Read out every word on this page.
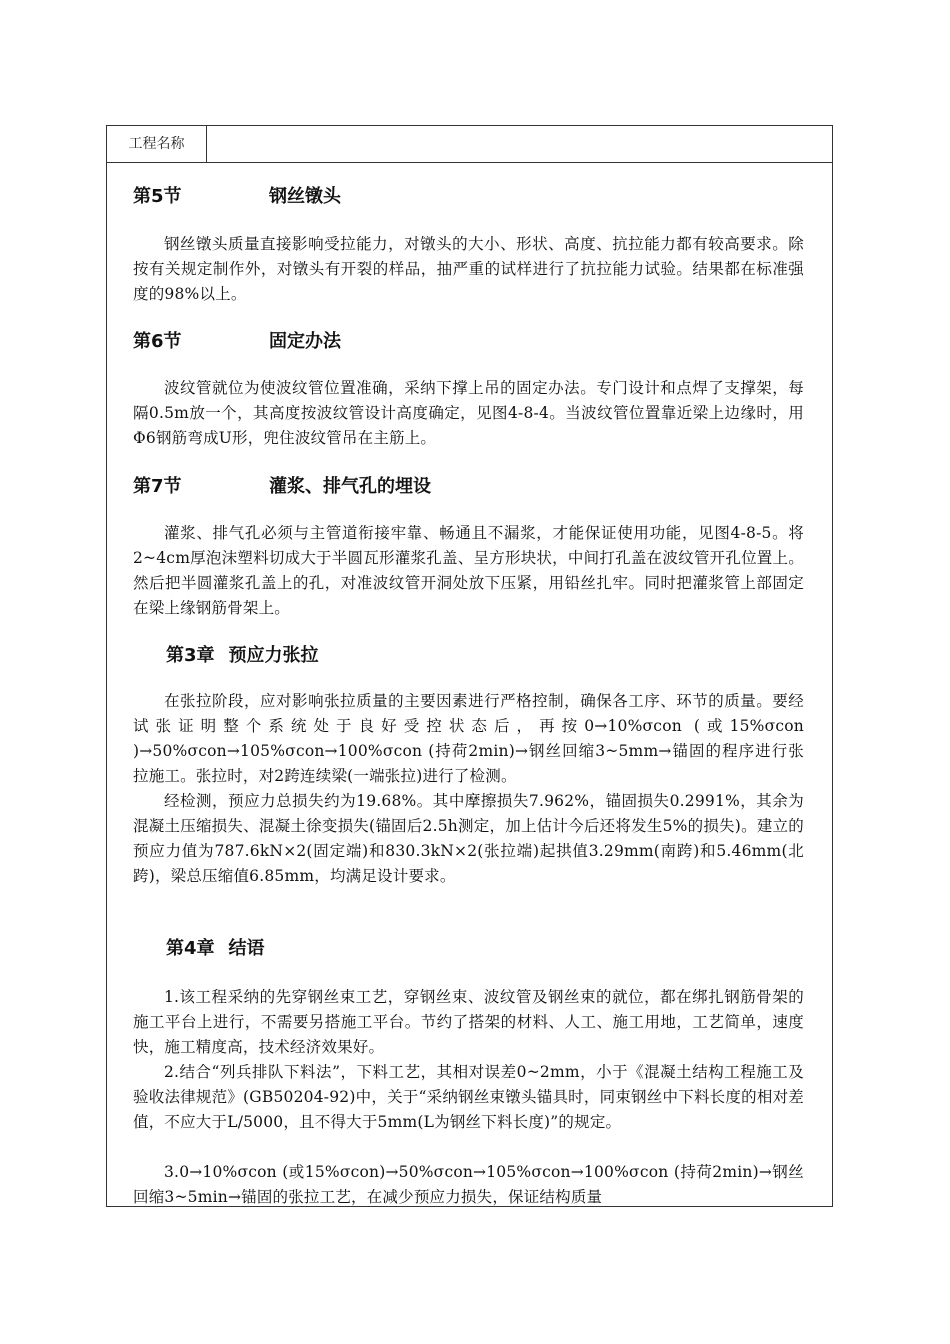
工程名称
第5节	钢丝镦头

钢丝镦头质量直接影响受拉能力，对镦头的大小、形状、高度、抗拉能力都有较高要求。除按有关规定制作外，对镦头有开裂的样品，抽严重的试样进行了抗拉能力试验。结果都在标准强度的98%以上。

第6节	固定办法

波纹管就位为使波纹管位置准确，采纳下撑上吊的固定办法。专门设计和点焊了支撑架，每隔0.5m放一个，其高度按波纹管设计高度确定，见图4-8-4。当波纹管位置靠近梁上边缘时，用Φ6钢筋弯成U形，兜住波纹管吊在主筋上。

第7节	灌浆、排气孔的埋设

灌浆、排气孔必须与主管道衔接牢靠、畅通且不漏浆，才能保证使用功能，见图4-8-5。将2~4cm厚泡沫塑料切成大于半圆瓦形灌浆孔盖、呈方形块状，中间打孔盖在波纹管开孔位置上。然后把半圆灌浆孔盖上的孔，对准波纹管开洞处放下压紧，用铅丝扎牢。同时把灌浆管上部固定在梁上缘钢筋骨架上。

第3章 预应力张拉

在张拉阶段，应对影响张拉质量的主要因素进行严格控制，确保各工序、环节的质量。要经试张证明整个系统处于良好受控状态后，再按0→10%σcon (或15%σcon )→50%σcon→105%σcon→100%σcon (持荷2min)→钢丝回缩3~5mm→锚固的程序进行张拉施工。张拉时，对2跨连续梁(一端张拉)进行了检测。

经检测，预应力总损失约为19.68%。其中摩擦损失7.962%，锚固损失0.2991%，其余为混凝土压缩损失、混凝土徐变损失(锚固后2.5h测定，加上估计今后还将发生5%的损失)。建立的预应力值为787.6kN×2(固定端)和830.3kN×2(张拉端)起拱值3.29mm(南跨)和5.46mm(北跨)，梁总压缩值6.85mm，均满足设计要求。

第4章 结语

1.该工程采纳的先穿钢丝束工艺，穿钢丝束、波纹管及钢丝束的就位，都在绑扎钢筋骨架的施工平台上进行，不需要另搭施工平台。节约了搭架的材料、人工、施工用地，工艺简单，速度快，施工精度高，技术经济效果好。

2.结合“列兵排队下料法”，下料工艺，其相对误差0~2mm，小于《混凝土结构工程施工及验收法律规范》(GB50204-92)中，关于“采纳钢丝束镦头锚具时，同束钢丝中下料长度的相对差值，不应大于L/5000，且不得大于5mm(L为钢丝下料长度)”的规定。

3.0→10%σcon (或15%σcon)→50%σcon→105%σcon→100%σcon (持荷2min)→钢丝回缩3~5min→锚固的张拉工艺，在减少预应力损失，保证结构质量
